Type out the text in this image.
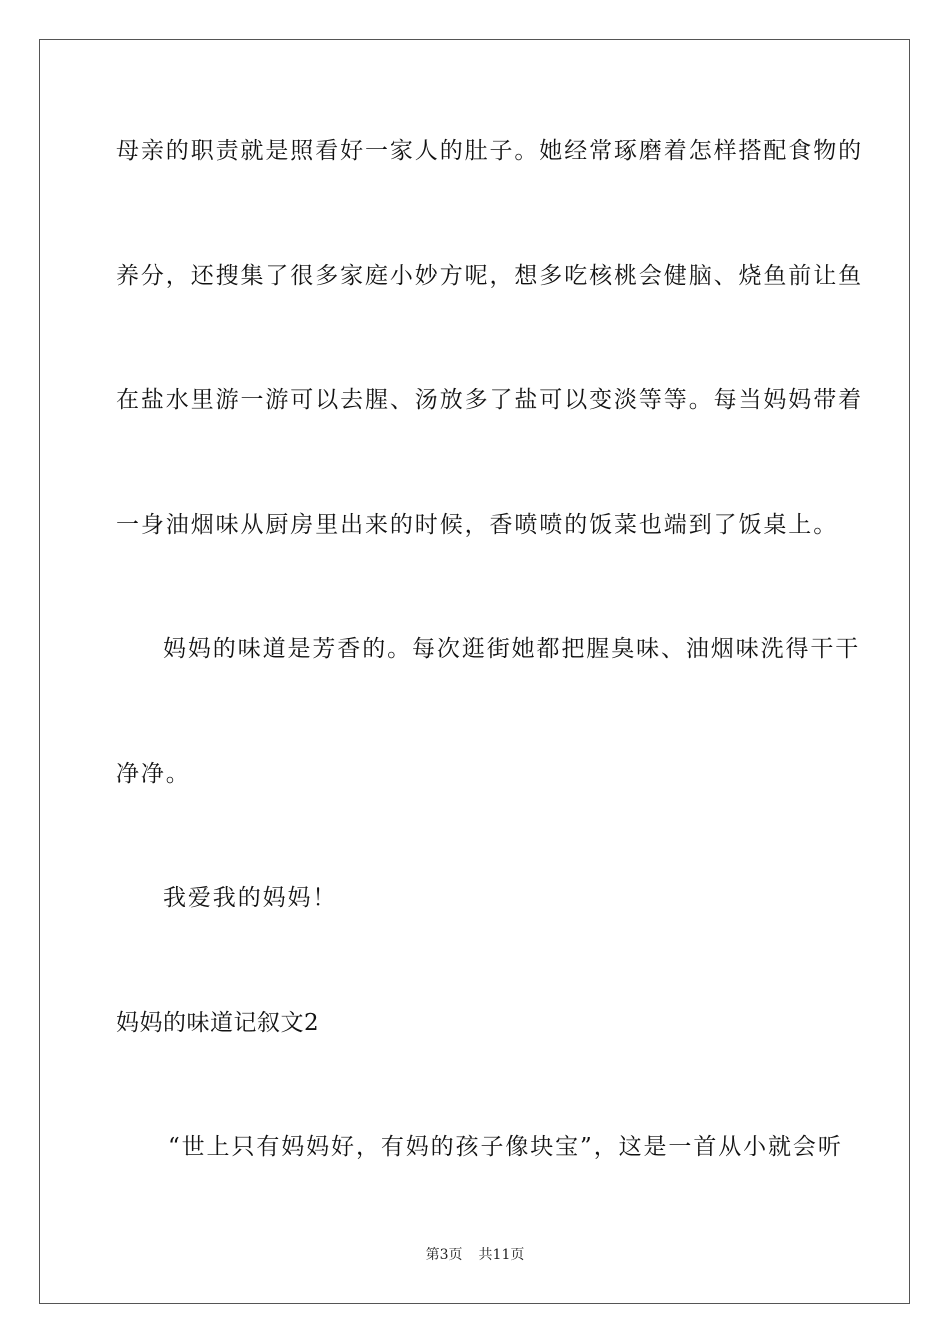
母亲的职责就是照看好一家人的肚子。她经常琢磨着怎样搭配食物的
养分，还搜集了很多家庭小妙方呢，想多吃核桃会健脑、烧鱼前让鱼
在盐水里游一游可以去腥、汤放多了盐可以变淡等等。每当妈妈带着
一身油烟味从厨房里出来的时候，香喷喷的饭菜也端到了饭桌上。
妈妈的味道是芳香的。每次逛街她都把腥臭味、油烟味洗得干干
净净。
我爱我的妈妈！
妈妈的味道记叙文2
“世上只有妈妈好，有妈的孩子像块宝”，这是一首从小就会听
第3页 共11页
